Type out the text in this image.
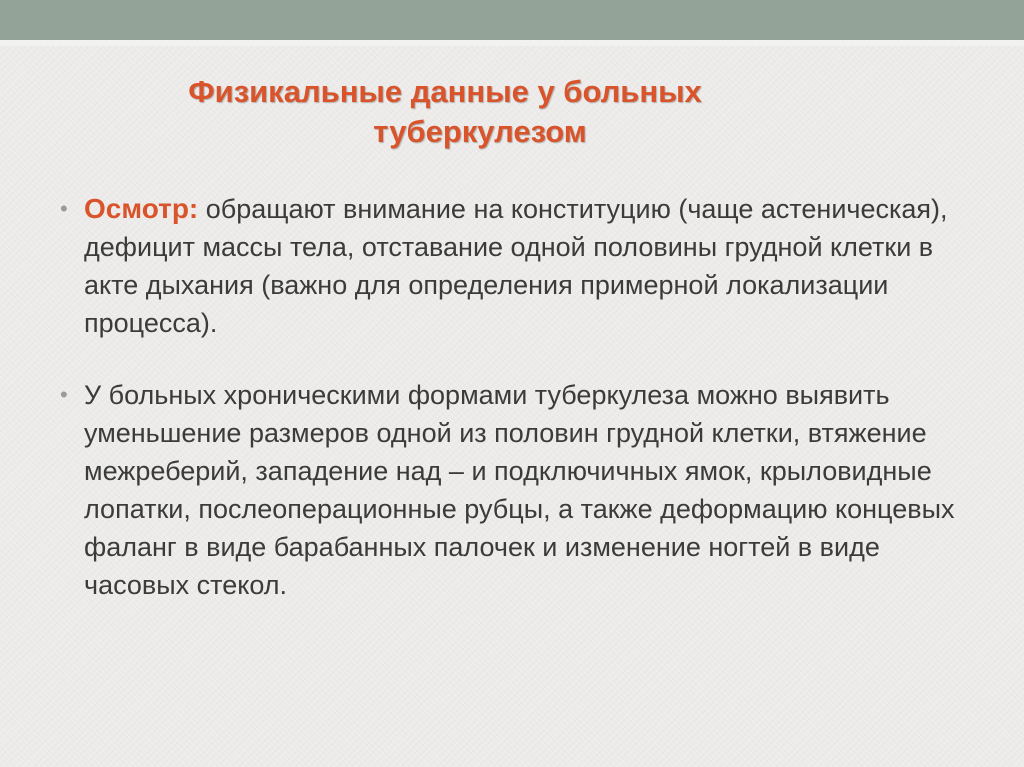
Физикальные данные у больных
туберкулезом
• Осмотр: обращают внимание на конституцию (чаще астеническая), дефицит массы тела, отставание одной половины грудной клетки в акте дыхания (важно для определения примерной локализации процесса).
• У больных хроническими формами туберкулеза можно выявить уменьшение размеров одной из половин грудной клетки, втяжение межреберий, западение над – и подключичных ямок, крыловидные лопатки, послеоперационные рубцы, а также деформацию концевых фаланг в виде барабанных палочек и изменение ногтей в виде часовых стекол.
